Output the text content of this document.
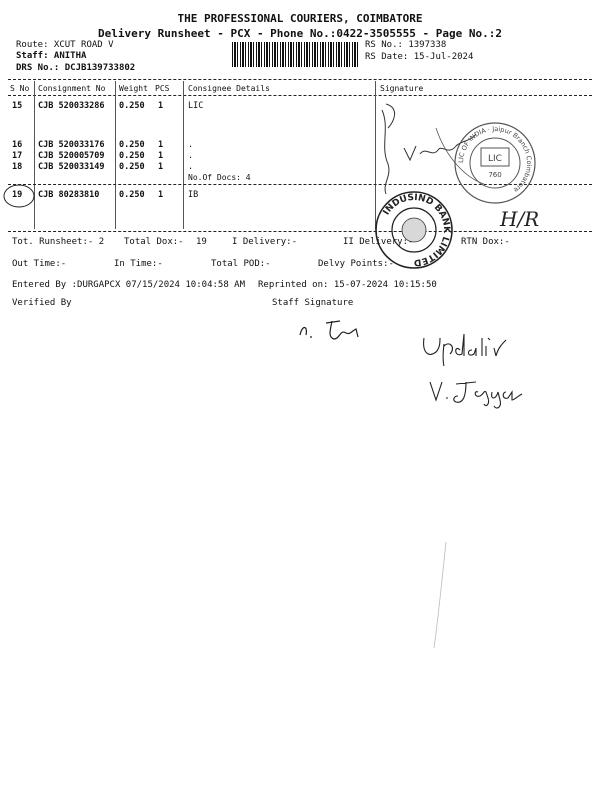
THE PROFESSIONAL COURIERS, COIMBATORE
Delivery Runsheet - PCX - Phone No.:0422-3505555 - Page No.:2
Route: XCUT ROAD V
Staff: ANITHA
DRS No.: DCJB139733802
RS No.: 1397338
RS Date: 15-Jul-2024
S No Consignment No Weight PCS Consignee Details	Signature
15 CJB 520033286 0.250 1	LIC
16 CJB 520033176 0.250 1	.
17 CJB 520005709 0.250 1	.
18 CJB 520033149 0.250 1	.
No.Of Docs: 4
19 CJB 80283810 0.250 1	IB
LIC OF INDIA · Jaipur Branch Coimbatore
LIC
760
INDUSIND BANK LIMITED
H/R
Tot. Runsheet:- 2 Total Dox:- 19	I Delivery:-	II Delivery:-	RTN Dox:-
Out Time:-	In Time:-	Total POD:-	Delvy Points:-
Entered By :DURGAPCX 07/15/2024 10:04:58 AM Reprinted on: 15-07-2024 10:15:50
Verified By	Staff Signature
